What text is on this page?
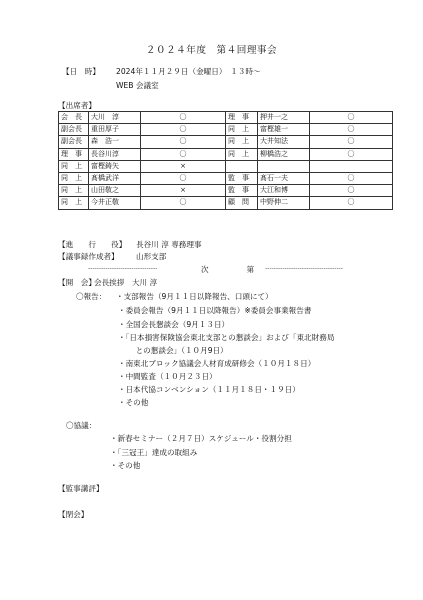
２０２４年度　第４回理事会
【日　時】 2024年１１月２９日（金曜日）　１３時～
WEB 会議室
【出席者】
会　長	大川　淳	〇	理　事	押井一之	〇
副会長	重田厚子	〇	同　上	富樫雄一	〇
副会長	森　浩一	〇	同　上	大井知法	〇
理　事	長谷川淳	〇	同　上	柳橋浩之	〇
同　上	富樫鋳矢	×			
同　上	髙橋武洋	〇	監　事	髙石一夫	〇
同　上	山田敬之	×	監　事	大江和博	〇
同　上	今井正敬	〇	顧　問	中野伸二	〇
【進　　行　　役】 長谷川 淳 専務理事
【議事録作成者】 山形支部
--------------------------------	次　　　　　第 ------------------------------------
【開　会】
会長挨拶　大川 淳
〇報告： ・支部報告（9月１１日以降報告、口頭にて）
・委員会報告（9月１１日以降報告）※委員会事業報告書
・全国会長懇談会（9月１３日）
・「日本損害保険協会東北支部との懇談会」および「東北財務局
　との懇談会」（１０月9日）
・南東北ブロック協議会人材育成研修会（１０月１８日）
・中間監査（１０月２３日）
・日本代協コンベンション（１１月１８日・１９日）
・その他
〇協議：
・新春セミナー（２月７日）スケジュール・役割分担
・「三冠王」達成の取組み
・その他
【監事講評】
【閉会】
